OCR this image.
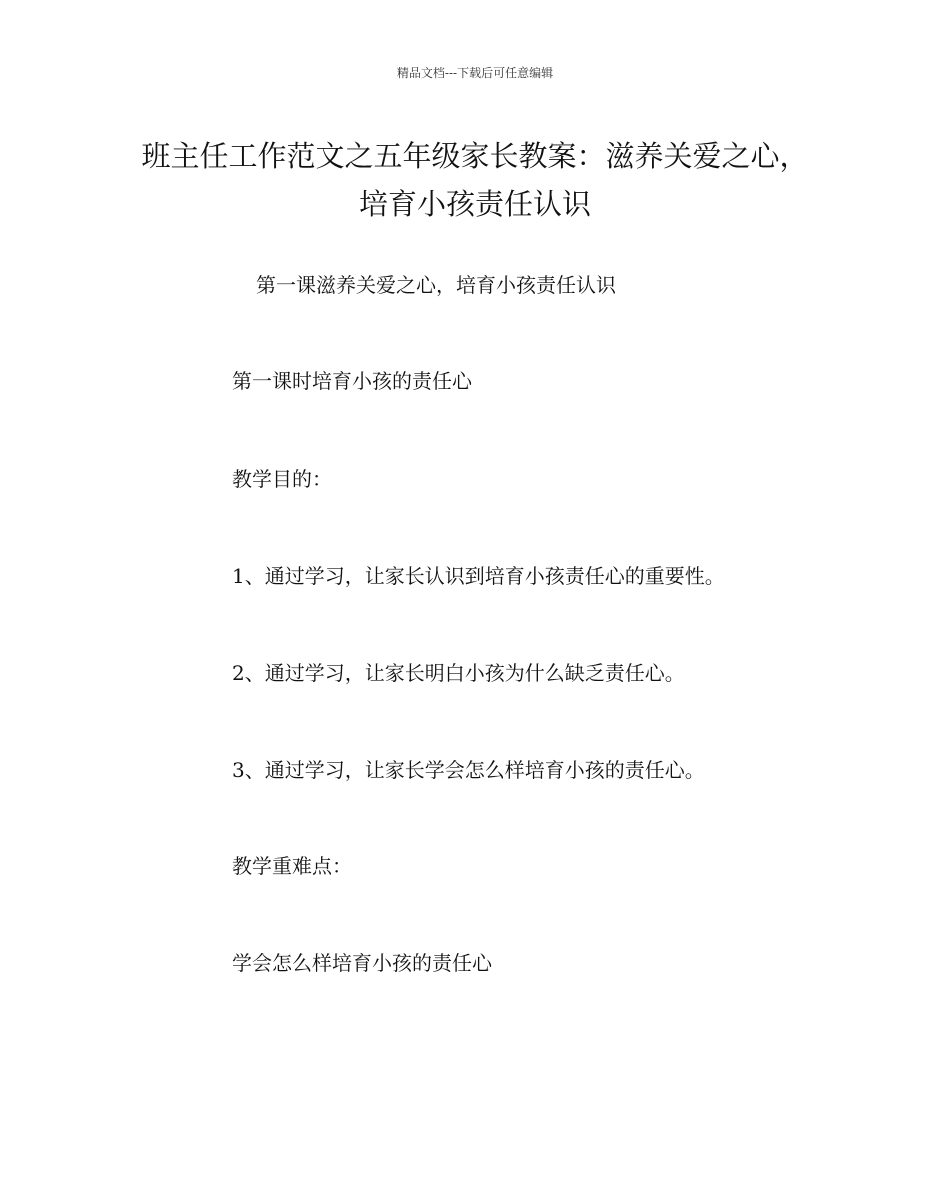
精品文档---下载后可任意编辑
班主任工作范文之五年级家长教案：滋养关爱之心，
培育小孩责任认识
第一课滋养关爱之心，培育小孩责任认识
第一课时培育小孩的责任心
教学目的：
1、通过学习，让家长认识到培育小孩责任心的重要性。
2、通过学习，让家长明白小孩为什么缺乏责任心。
3、通过学习，让家长学会怎么样培育小孩的责任心。
教学重难点：
学会怎么样培育小孩的责任心
